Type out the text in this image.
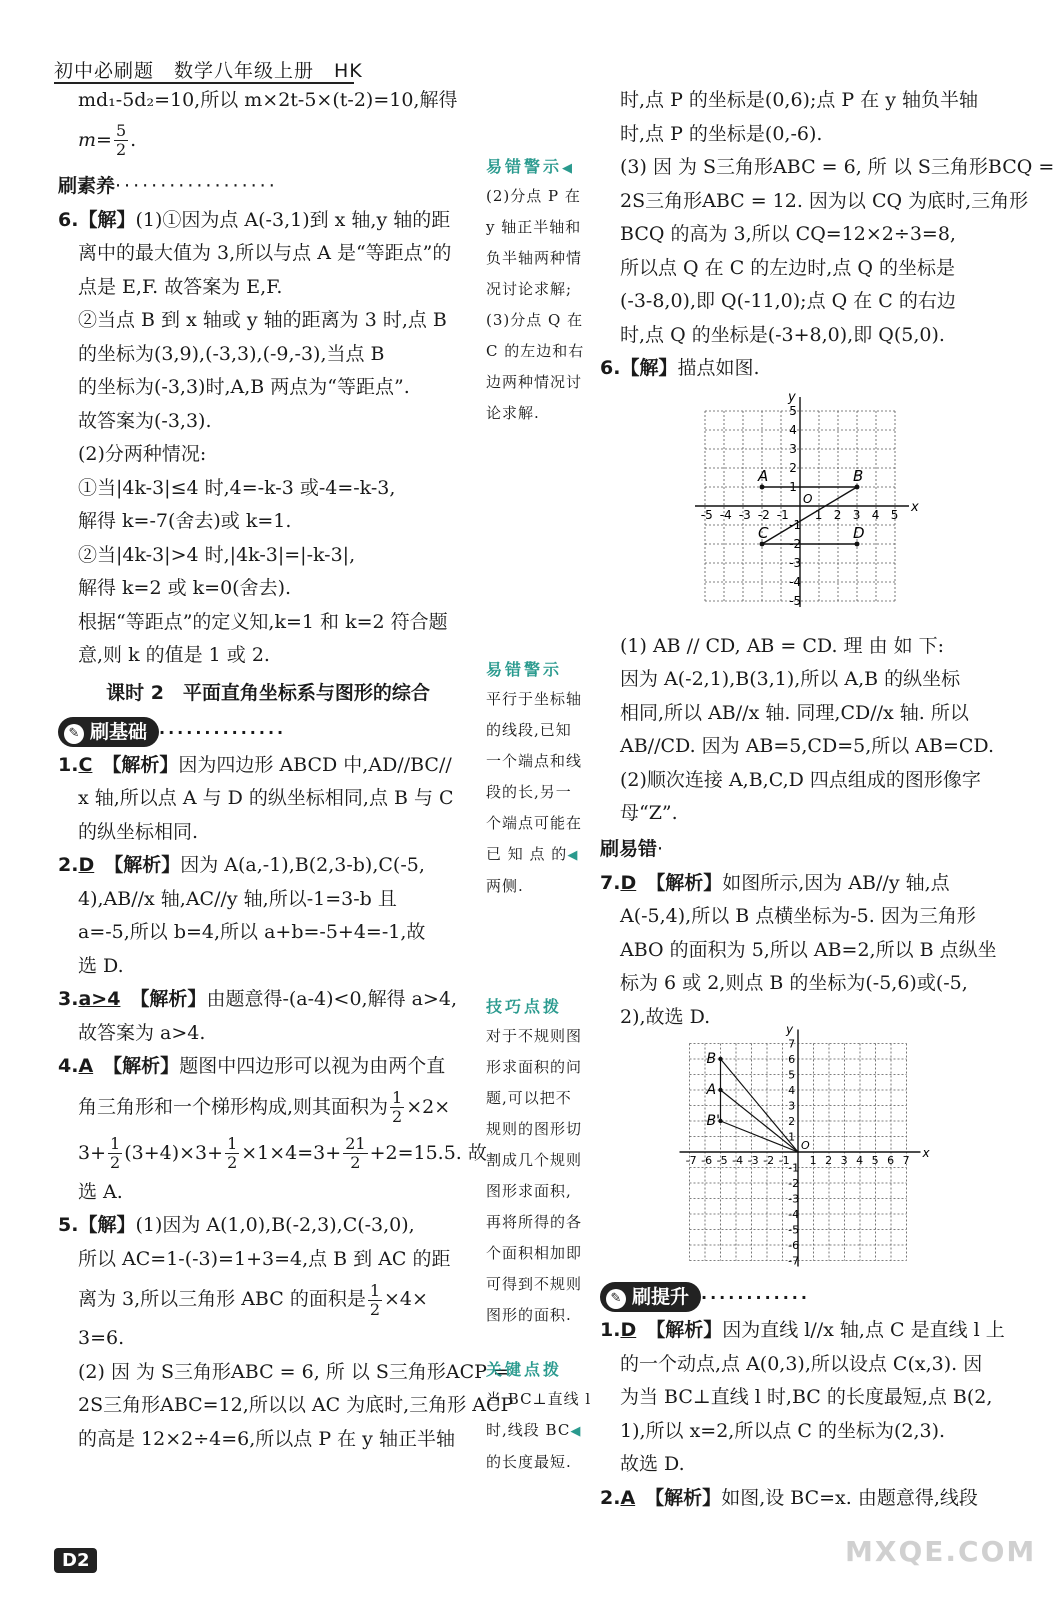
初中必刷题　数学八年级上册　HK

md₁-5d₂=10,所以 m×2t-5×(t-2)=10,解得

$m= \frac{5}{2}$ .

刷素养··················

6.【解】(1)①因为点 A(-3,1)到 x 轴,y 轴的距

离中的最大值为 3,所以与点 A 是“等距点”的

点是 E,F. 故答案为 E,F.

②当点 B 到 x 轴或 y 轴的距离为 3 时,点 B

的坐标为(3,9),(-3,3),(-9,-3),当点 B

的坐标为(-3,3)时,A,B 两点为“等距点”.

故答案为(-3,3).

(2)分两种情况:

①当|4k-3|≤4 时,4=-k-3 或-4=-k-3,

解得 k=-7(舍去)或 k=1.

②当|4k-3|>4 时,|4k-3|=|-k-3|,

解得 k=2 或 k=0(舍去).

根据“等距点”的定义知,k=1 和 k=2 符合题

意,则 k 的值是 1 或 2.

课时 2　平面直角坐标系与图形的综合
✎ 刷基础 ··············

1.C 【解析】因为四边形 ABCD 中,AD//BC//

x 轴,所以点 A 与 D 的纵坐标相同,点 B 与 C

的纵坐标相同.

2.D 【解析】因为 A(a,-1),B(2,3-b),C(-5,

4),AB//x 轴,AC//y 轴,所以-1=3-b 且

a=-5,所以 b=4,所以 a+b=-5+4=-1,故

选 D.

3.a>4 【解析】由题意得-(a-4)<0,解得 a>4,

故答案为 a>4.

4.A 【解析】题图中四边形可以视为由两个直

角三角形和一个梯形构成,则其面积为 $\frac{1}{2} \times 2\times$

$3+ \frac{1}{2} (3+4)\times 3+ \frac{1}{2} \times 1\times 4=3+ \frac{21}{2} +2=15.5$. 故

选 A.

5.【解】(1)因为 A(1,0),B(-2,3),C(-3,0),

所以 AC=1-(-3)=1+3=4,点 B 到 AC 的距

离为 3,所以三角形 ABC 的面积是 $\frac{1}{2} \times 4\times$

3=6.

(2) 因 为 S三角形ABC = 6, 所 以 S三角形ACP =

2S三角形ABC=12,所以以 AC 为底时,三角形 ACP

的高是 12×2÷4=6,所以点 P 在 y 轴正半轴

易错警示◀

(2)分点 P 在

y 轴正半轴和

负半轴两种情

况讨论求解;

(3)分点 Q 在

C 的左边和右

边两种情况讨

论求解.

易错警示

平行于坐标轴

的线段,已知

一个端点和线

段的长,另一

个端点可能在

已 知 点 的◀

两侧.

技巧点拨

对于不规则图

形求面积的问

题,可以把不

规则的图形切

割成几个规则

图形求面积,

再将所得的各

个面积相加即

可得到不规则

图形的面积.

关键点拨

当 BC⊥直线 l

时,线段 BC◀

的长度最短.

时,点 P 的坐标是(0,6);点 P 在 y 轴负半轴

时,点 P 的坐标是(0,-6).

(3) 因 为 S三角形ABC = 6, 所 以 S三角形BCQ =

2S三角形ABC = 12. 因为以 CQ 为底时,三角形

BCQ 的高为 3,所以 CQ=12×2÷3=8,

所以点 Q 在 C 的左边时,点 Q 的坐标是

(-3-8,0),即 Q(-11,0);点 Q 在 C 的右边

时,点 Q 的坐标是(-3+8,0),即 Q(5,0).

6.【解】描点如图.

x
y
O
-5 -4 -3 -2 -1 1 2 3 4 5
5
4
3
2
1
-1
-2
-3
-4
-5
A	B
C	D

(1) AB // CD, AB = CD. 理 由 如 下:

因为 A(-2,1),B(3,1),所以 A,B 的纵坐标

相同,所以 AB//x 轴. 同理,CD//x 轴. 所以

AB//CD. 因为 AB=5,CD=5,所以 AB=CD.

(2)顺次连接 A,B,C,D 四点组成的图形像字

母“Z”.

刷易错·

7.D 【解析】如图所示,因为 AB//y 轴,点

A(-5,4),所以 B 点横坐标为-5. 因为三角形

ABO 的面积为 5,所以 AB=2,所以 B 点纵坐

标为 6 或 2,则点 B 的坐标为(-5,6)或(-5,

2),故选 D.

x
y
O
-7 -6 -5 -4 -3 -2 -1 1 2 3 4 5 6 7
7
6
5
4
3
2
1
-1
-2
-3
-4
-5
-6
-7
B
A
B'
✎ 刷提升 ············

1.D 【解析】因为直线 l//x 轴,点 C 是直线 l 上

的一个动点,点 A(0,3),所以设点 C(x,3). 因

为当 BC⊥直线 l 时,BC 的长度最短,点 B(2,

1),所以 x=2,所以点 C 的坐标为(2,3).

故选 D.

2.A 【解析】如图,设 BC=x. 由题意得,线段

D2	MXQE.COM
